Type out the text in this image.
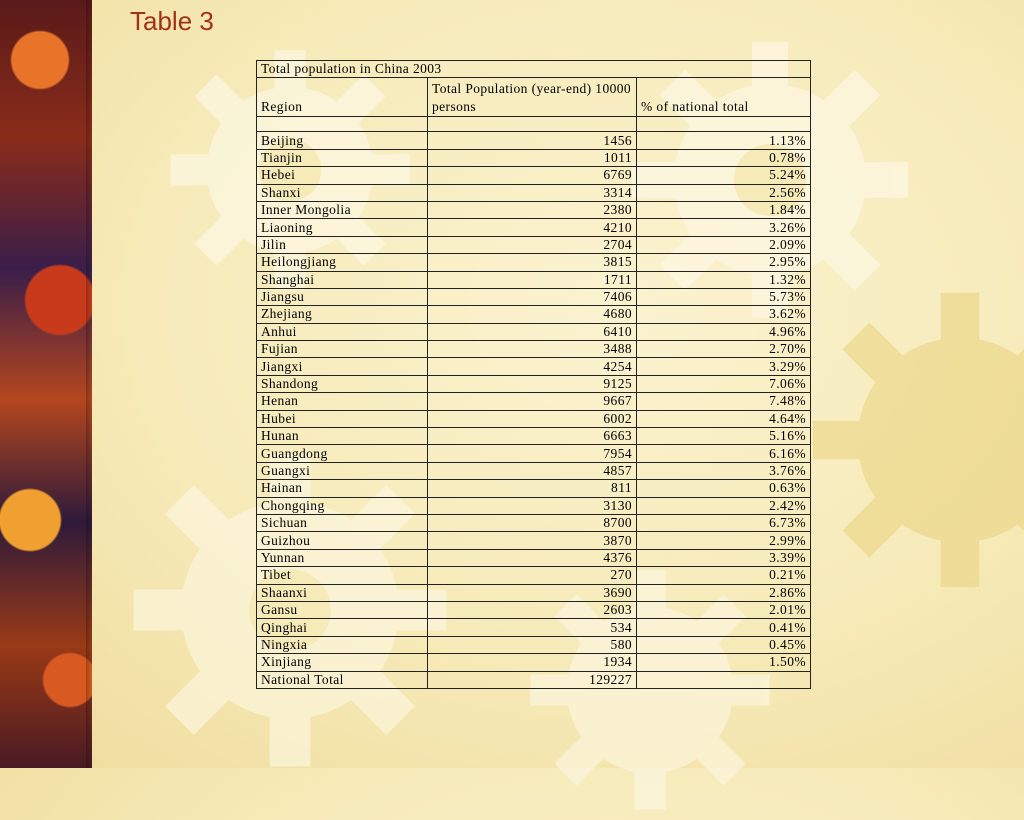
Table 3
Total population in China 2003		
Region	Total Population (year-end) 10000 persons	% of national total

Beijing	1456	1.13%
Tianjin	1011	0.78%
Hebei	6769	5.24%
Shanxi	3314	2.56%
Inner Mongolia	2380	1.84%
Liaoning	4210	3.26%
Jilin	2704	2.09%
Heilongjiang	3815	2.95%
Shanghai	1711	1.32%
Jiangsu	7406	5.73%
Zhejiang	4680	3.62%
Anhui	6410	4.96%
Fujian	3488	2.70%
Jiangxi	4254	3.29%
Shandong	9125	7.06%
Henan	9667	7.48%
Hubei	6002	4.64%
Hunan	6663	5.16%
Guangdong	7954	6.16%
Guangxi	4857	3.76%
Hainan	811	0.63%
Chongqing	3130	2.42%
Sichuan	8700	6.73%
Guizhou	3870	2.99%
Yunnan	4376	3.39%
Tibet	270	0.21%
Shaanxi	3690	2.86%
Gansu	2603	2.01%
Qinghai	534	0.41%
Ningxia	580	0.45%
Xinjiang	1934	1.50%
National Total	129227	
